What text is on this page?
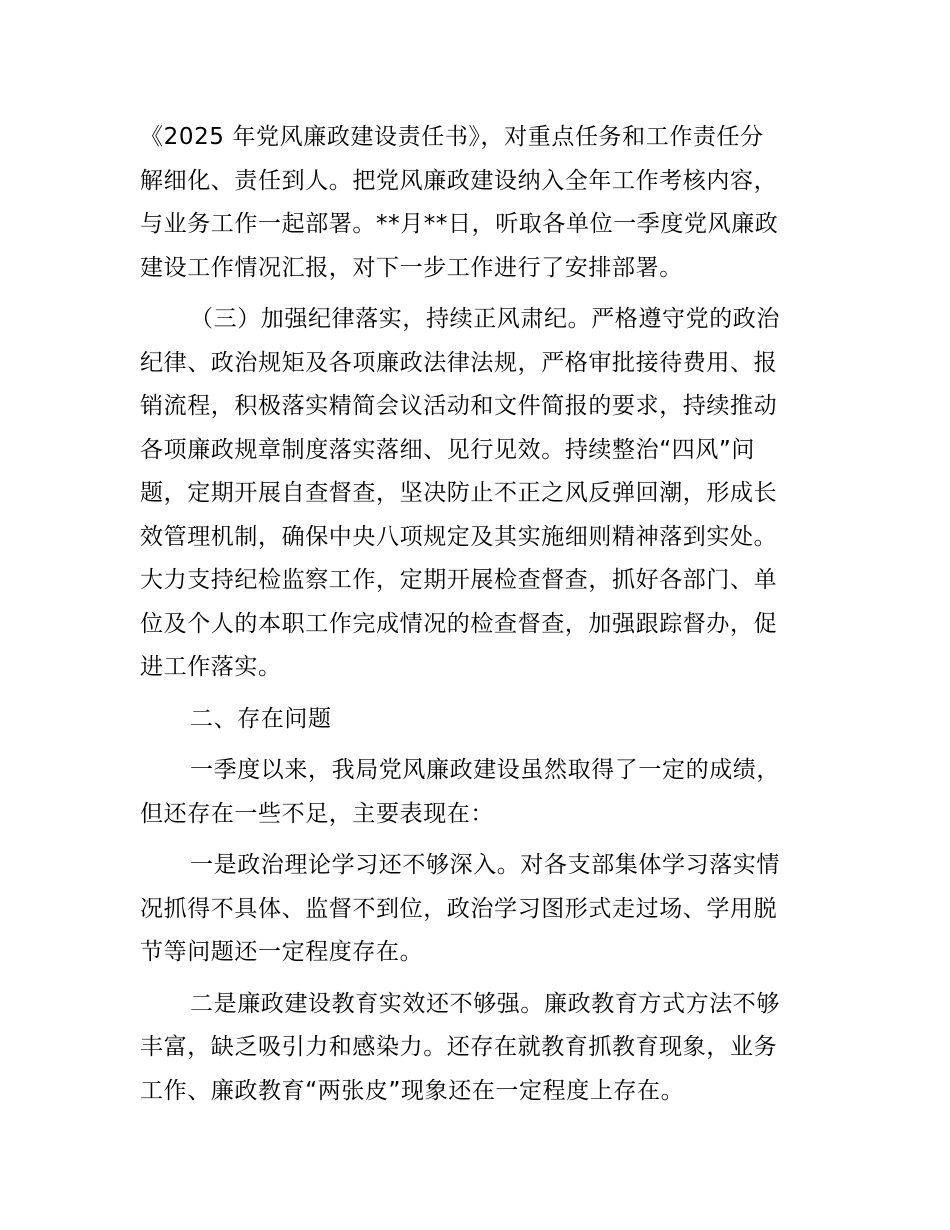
《2025 年党风廉政建设责任书》，对重点任务和工作责任分
解细化、责任到人。把党风廉政建设纳入全年工作考核内容，
与业务工作一起部署。**月**日，听取各单位一季度党风廉政
建设工作情况汇报，对下一步工作进行了安排部署。
（三）加强纪律落实，持续正风肃纪。严格遵守党的政治
纪律、政治规矩及各项廉政法律法规，严格审批接待费用、报
销流程，积极落实精简会议活动和文件简报的要求，持续推动
各项廉政规章制度落实落细、见行见效。持续整治“四风”问
题，定期开展自查督查，坚决防止不正之风反弹回潮，形成长
效管理机制，确保中央八项规定及其实施细则精神落到实处。
大力支持纪检监察工作，定期开展检查督查，抓好各部门、单
位及个人的本职工作完成情况的检查督查，加强跟踪督办，促
进工作落实。
二、存在问题
一季度以来，我局党风廉政建设虽然取得了一定的成绩，
但还存在一些不足，主要表现在：
一是政治理论学习还不够深入。对各支部集体学习落实情
况抓得不具体、监督不到位，政治学习图形式走过场、学用脱
节等问题还一定程度存在。
二是廉政建设教育实效还不够强。廉政教育方式方法不够
丰富，缺乏吸引力和感染力。还存在就教育抓教育现象，业务
工作、廉政教育“两张皮”现象还在一定程度上存在。
